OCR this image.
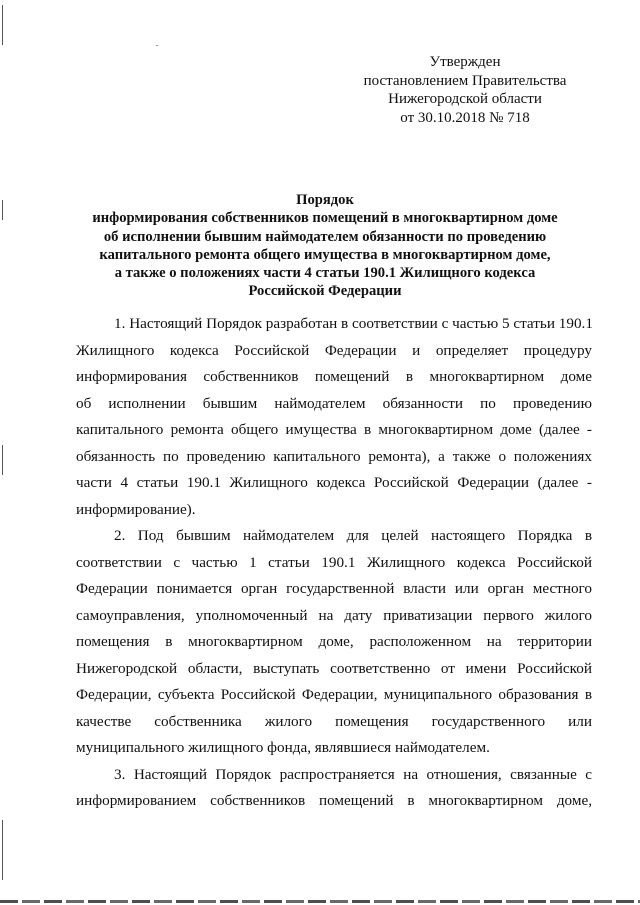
Утвержден
постановлением Правительства
Нижегородской области
от 30.10.2018 № 718
Порядок
информирования собственников помещений в многоквартирном доме
об исполнении бывшим наймодателем обязанности по проведению
капитального ремонта общего имущества в многоквартирном доме,
а также о положениях части 4 статьи 190.1 Жилищного кодекса
Российской Федерации
1. Настоящий Порядок разработан в соответствии с частью 5 статьи 190.1
Жилищного кодекса Российской Федерации и определяет процедуру
информирования собственников помещений в многоквартирном доме
об исполнении бывшим наймодателем обязанности по проведению
капитального ремонта общего имущества в многоквартирном доме (далее -
обязанность по проведению капитального ремонта), а также о положениях
части 4 статьи 190.1 Жилищного кодекса Российской Федерации (далее -
информирование).
2. Под бывшим наймодателем для целей настоящего Порядка в
соответствии с частью 1 статьи 190.1 Жилищного кодекса Российской
Федерации понимается орган государственной власти или орган местного
самоуправления, уполномоченный на дату приватизации первого жилого
помещения в многоквартирном доме, расположенном на территории
Нижегородской области, выступать соответственно от имени Российской
Федерации, субъекта Российской Федерации, муниципального образования в
качестве собственника жилого помещения государственного или
муниципального жилищного фонда, являвшиеся наймодателем.
3. Настоящий Порядок распространяется на отношения, связанные с
информированием собственников помещений в многоквартирном доме,
